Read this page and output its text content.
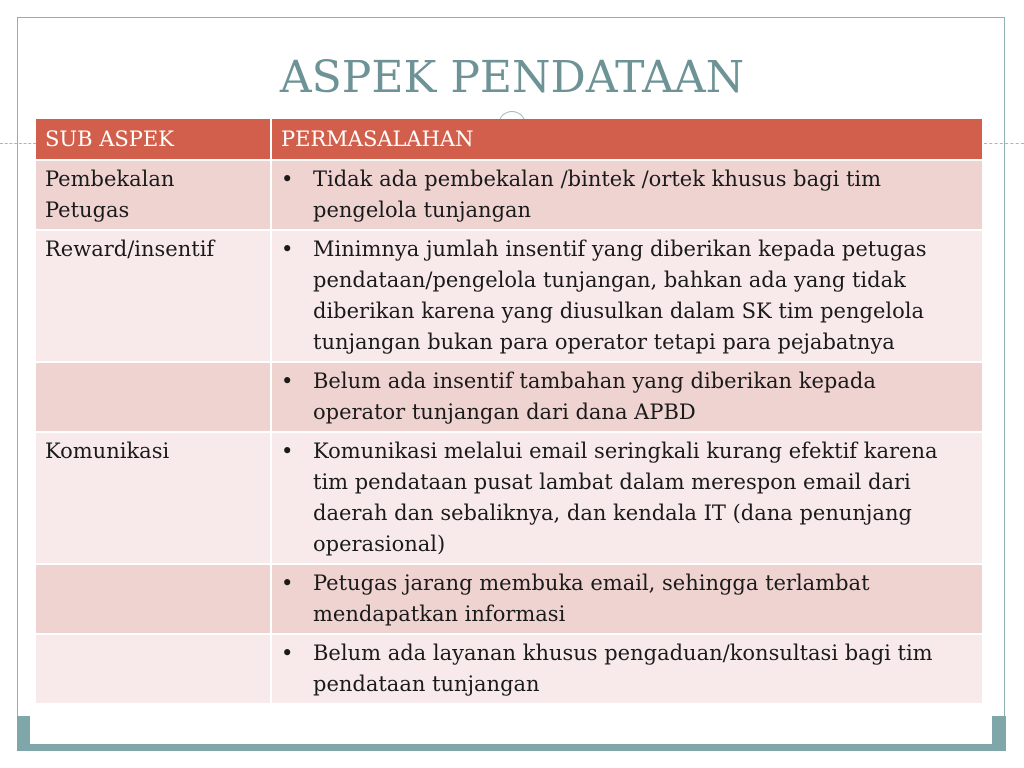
ASPEK PENDATAAN
SUB ASPEK	PERMASALAHAN
Pembekalan Petugas	• Tidak ada pembekalan /bintek /ortek khusus bagi tim pengelola tunjangan

Reward/insentif	• Minimnya jumlah insentif yang diberikan kepada petugas pendataan/pengelola tunjangan, bahkan ada yang tidak diberikan karena yang diusulkan dalam SK tim pengelola tunjangan bukan para operator tetapi para pejabatnya

	• Belum ada insentif tambahan yang diberikan kepada operator tunjangan dari dana APBD

Komunikasi	• Komunikasi melalui email seringkali kurang efektif karena tim pendataan pusat lambat dalam merespon email dari daerah dan sebaliknya, dan kendala IT (dana penunjang operasional)

	• Petugas jarang membuka email, sehingga terlambat mendapatkan informasi

	• Belum ada layanan khusus pengaduan/konsultasi bagi tim pendataan tunjangan
